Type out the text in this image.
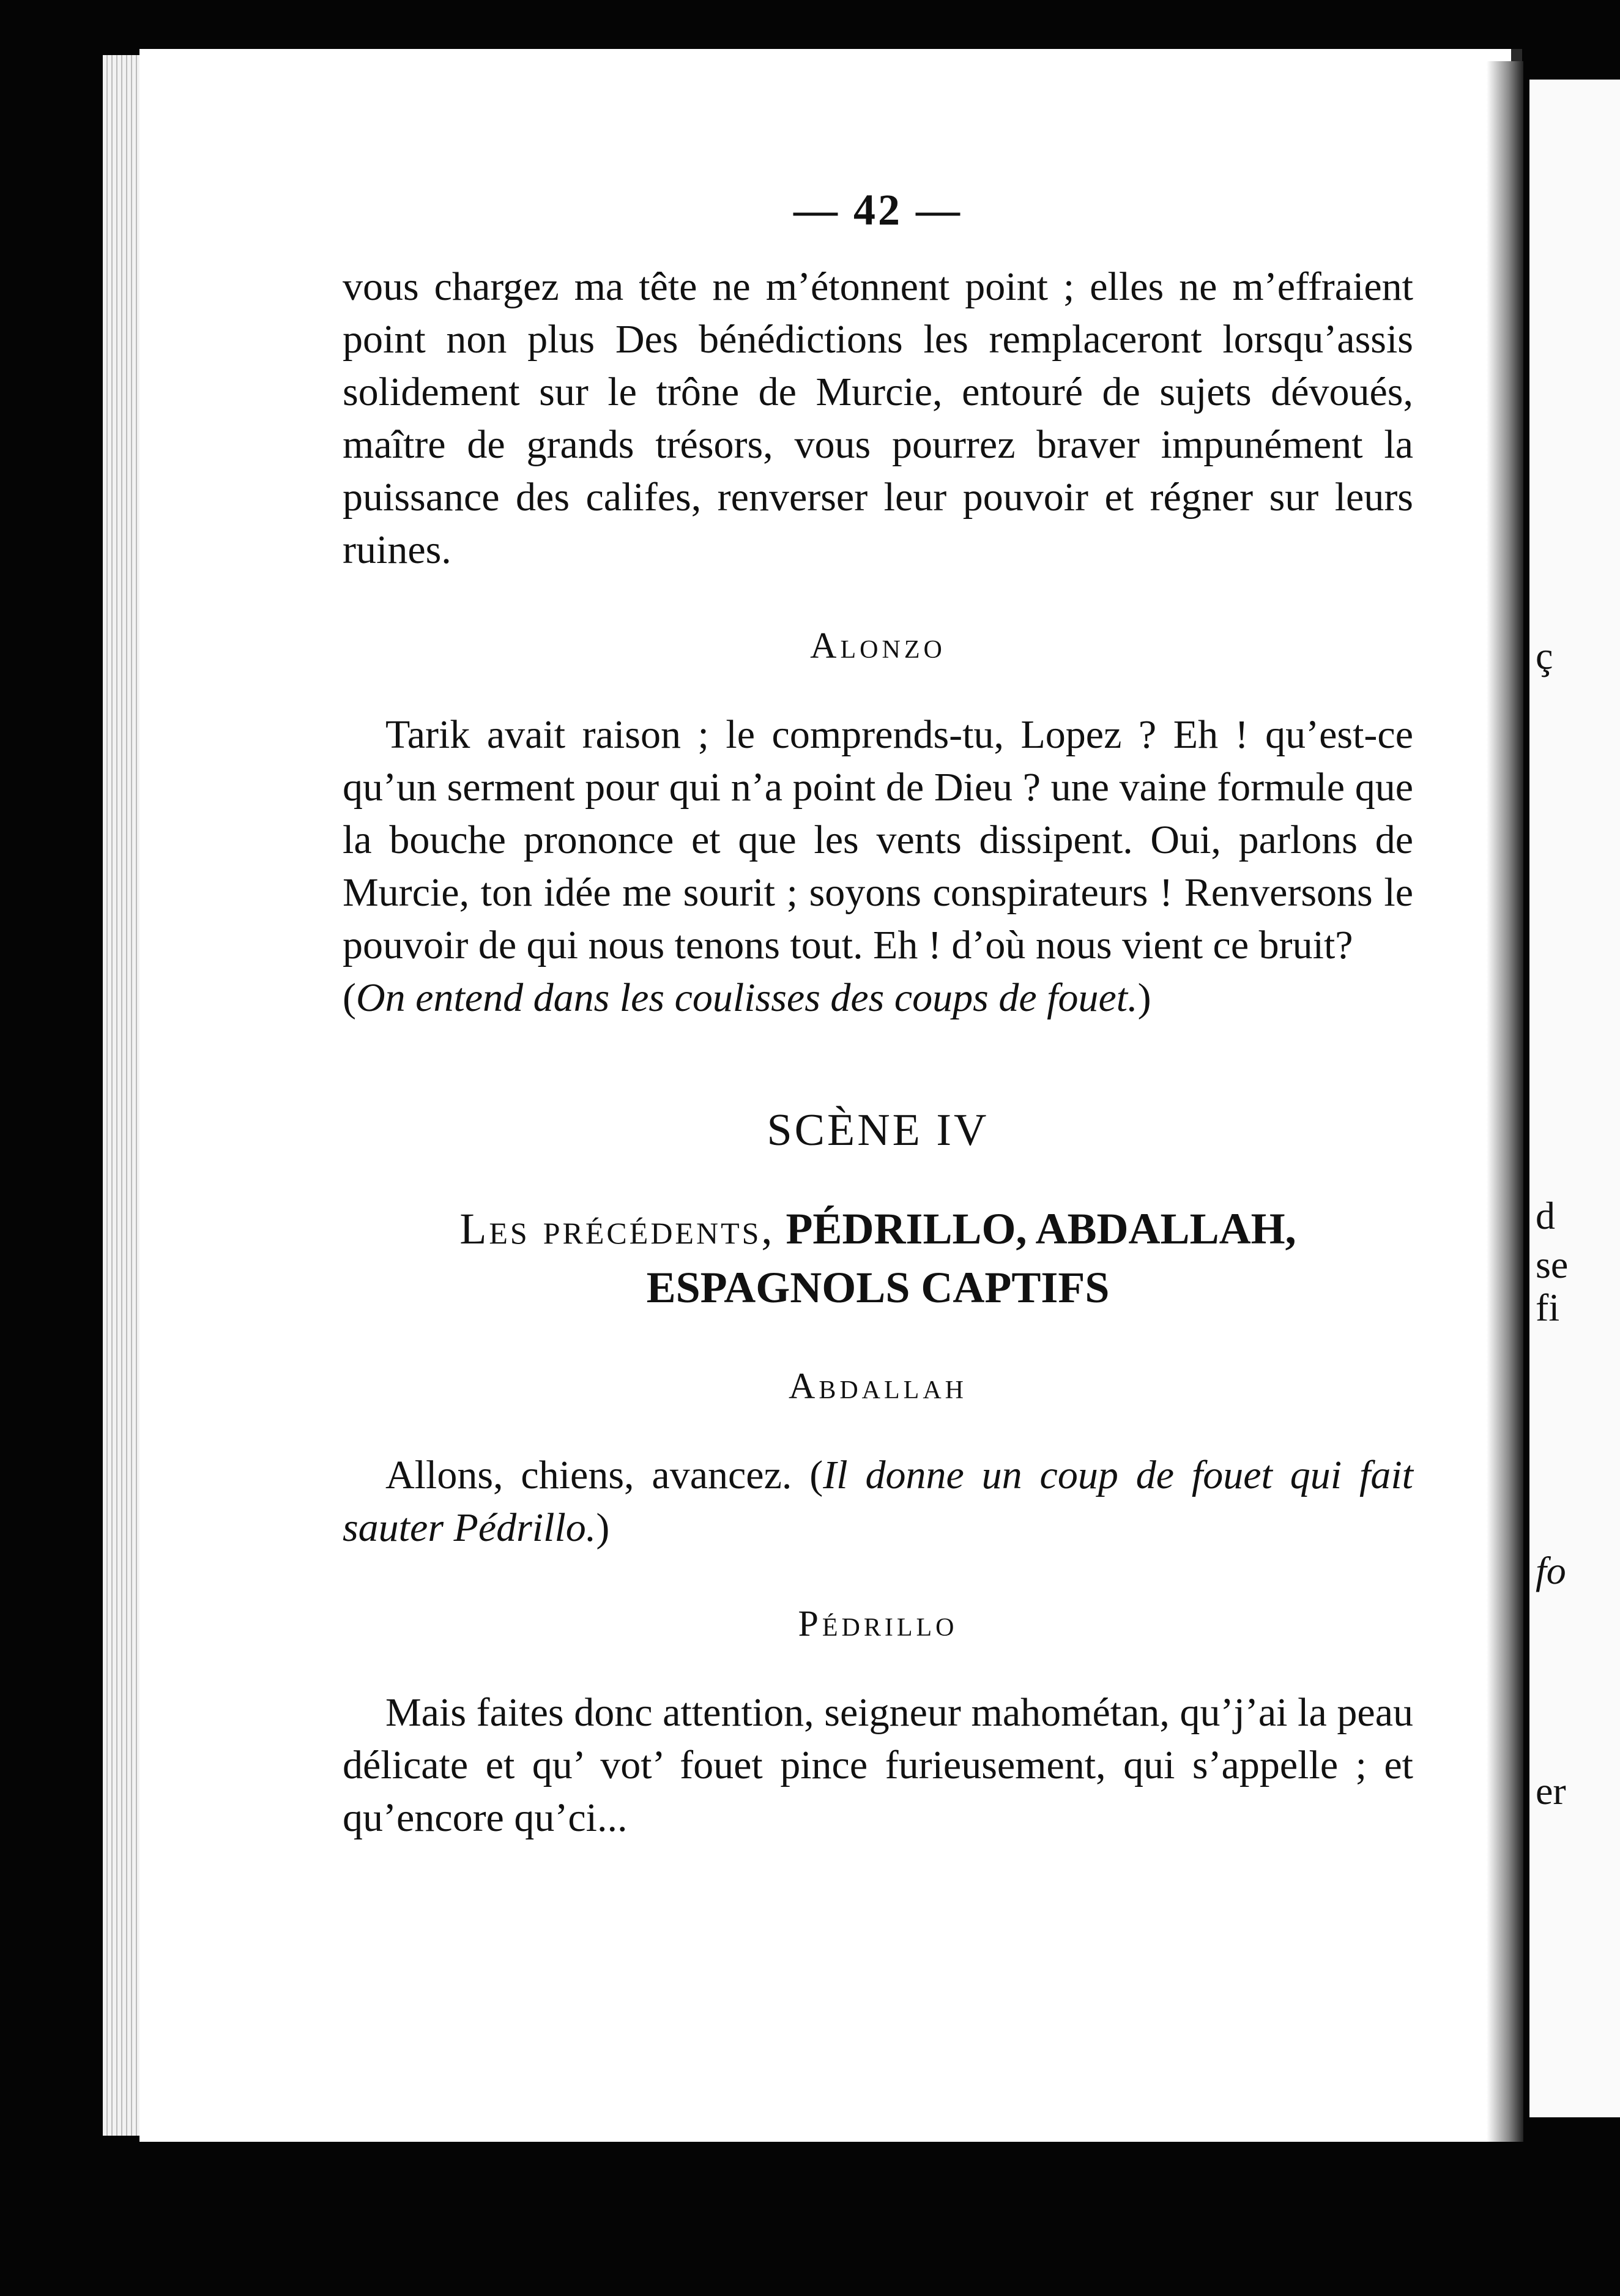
ç
d
se
fi
fo
er
— 42 —

vous chargez ma tête ne m’étonnent point ; elles ne m’effraient point non plus Des bénédictions les remplaceront lorsqu’assis solidement sur le trône de Murcie, entouré de sujets dévoués, maître de grands trésors, vous pourrez braver impunément la puissance des califes, renverser leur pouvoir et régner sur leurs ruines.

Alonzo

Tarik avait raison ; le comprends-tu, Lopez ? Eh ! qu’est-ce qu’un serment pour qui n’a point de Dieu ? une vaine formule que la bouche prononce et que les vents dissipent. Oui, parlons de Murcie, ton idée me sourit ; soyons conspirateurs ! Renversons le pouvoir de qui nous tenons tout. Eh ! d’où nous vient ce bruit?
(On entend dans les coulisses des coups de fouet.)

SCÈNE IV
Les précédents, PÉDRILLO, ABDALLAH,
ESPAGNOLS CAPTIFS
Abdallah

Allons, chiens, avancez. (Il donne un coup de fouet qui fait sauter Pédrillo.)

Pédrillo

Mais faites donc attention, seigneur mahométan, qu’j’ai la peau délicate et qu’ vot’ fouet pince furieusement, qui s’appelle ; et qu’encore qu’ci...
